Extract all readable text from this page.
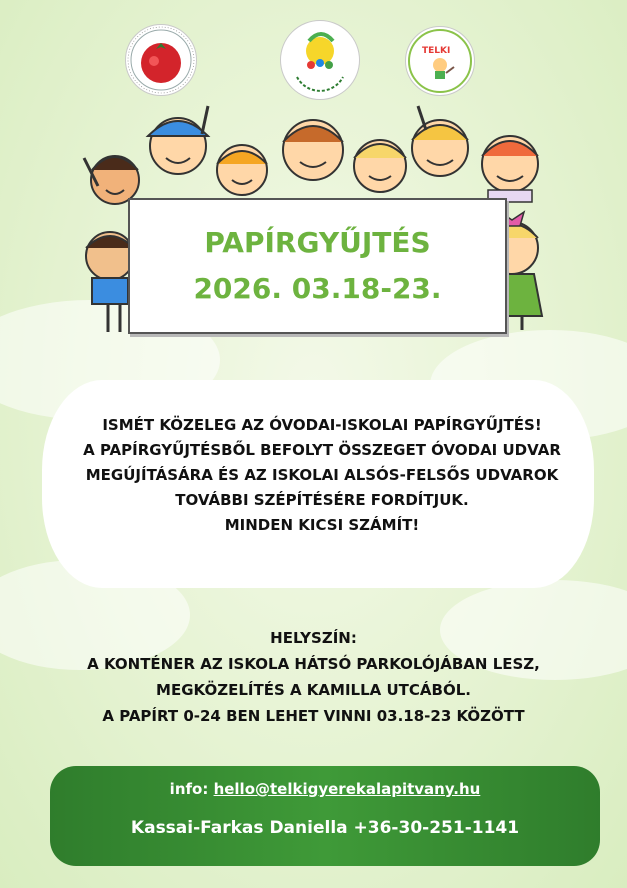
TELKI
PAPÍRGYŰJTÉS
2026. 03.18-23.
ISMÉT KÖZELEG AZ ÓVODAI-ISKOLAI PAPÍRGYŰJTÉS!
A PAPÍRGYŰJTÉSBŐL BEFOLYT ÖSSZEGET ÓVODAI UDVAR
MEGÚJÍTÁSÁRA ÉS AZ ISKOLAI ALSÓS-FELSŐS UDVAROK
TOVÁBBI SZÉPÍTÉSÉRE FORDÍTJUK.
MINDEN KICSI SZÁMÍT!
HELYSZÍN:
A KONTÉNER AZ ISKOLA HÁTSÓ PARKOLÓJÁBAN LESZ,
MEGKÖZELÍTÉS A KAMILLA UTCÁBÓL.
A PAPÍRT 0-24 BEN LEHET VINNI 03.18-23 KÖZÖTT
info: hello@telkigyerekalapitvany.hu
Kassai-Farkas Daniella +36-30-251-1141
